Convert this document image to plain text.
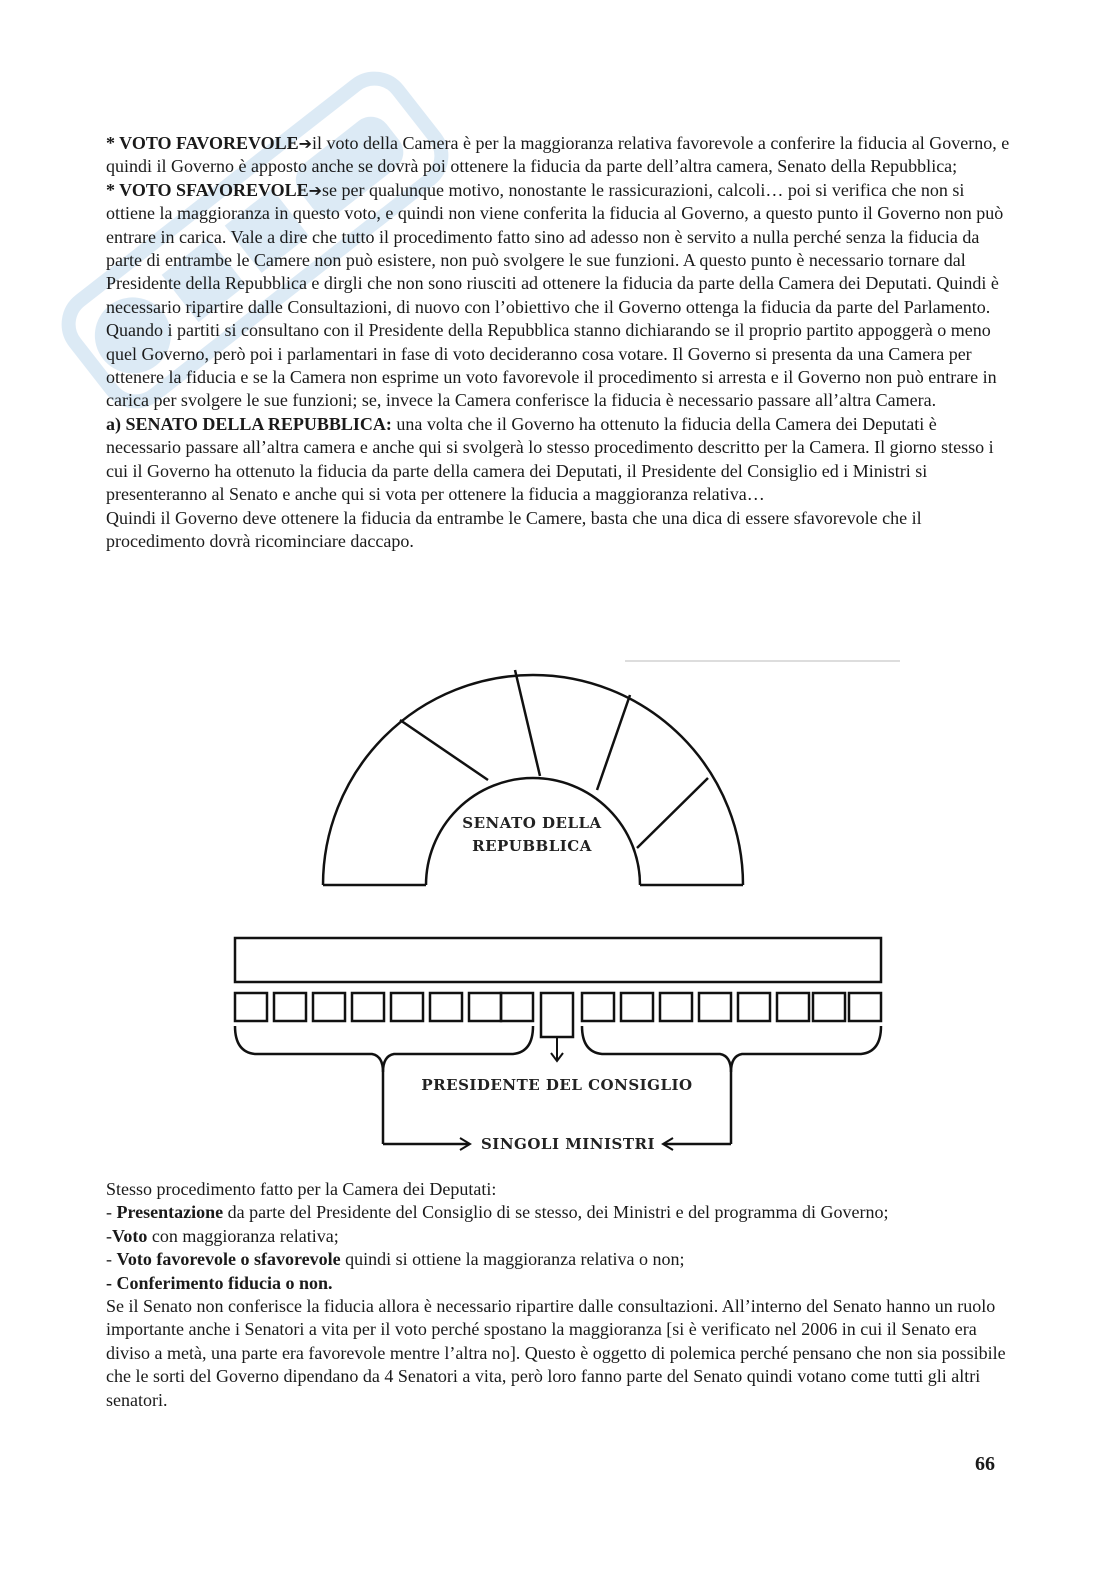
* VOTO FAVOREVOLE➔il voto della Camera è per la maggioranza relativa favorevole a conferire la fiducia al Governo, e quindi il Governo è apposto anche se dovrà poi ottenere la fiducia da parte dell’altra camera, Senato della Repubblica;

* VOTO SFAVOREVOLE➔se per qualunque motivo, nonostante le rassicurazioni, calcoli… poi si verifica che non si ottiene la maggioranza in questo voto, e quindi non viene conferita la fiducia al Governo, a questo punto il Governo non può entrare in carica. Vale a dire che tutto il procedimento fatto sino ad adesso non è servito a nulla perché senza la fiducia da parte di entrambe le Camere non può esistere, non può svolgere le sue funzioni. A questo punto è necessario tornare dal Presidente della Repubblica e dirgli che non sono riusciti ad ottenere la fiducia da parte della Camera dei Deputati. Quindi è necessario ripartire dalle Consultazioni, di nuovo con l’obiettivo che il Governo ottenga la fiducia da parte del Parlamento.

Quando i partiti si consultano con il Presidente della Repubblica stanno dichiarando se il proprio partito appoggerà o meno quel Governo, però poi i parlamentari in fase di voto decideranno cosa votare. Il Governo si presenta da una Camera per ottenere la fiducia e se la Camera non esprime un voto favorevole il procedimento si arresta e il Governo non può entrare in carica per svolgere le sue funzioni; se, invece la Camera conferisce la fiducia è necessario passare all’altra Camera.

a) SENATO DELLA REPUBBLICA: una volta che il Governo ha ottenuto la fiducia della Camera dei Deputati è necessario passare all’altra camera e anche qui si svolgerà lo stesso procedimento descritto per la Camera. Il giorno stesso i cui il Governo ha ottenuto la fiducia da parte della camera dei Deputati, il Presidente del Consiglio ed i Ministri si presenteranno al Senato e anche qui si vota per ottenere la fiducia a maggioranza relativa…

Quindi il Governo deve ottenere la fiducia da entrambe le Camere, basta che una dica di essere sfavorevole che il procedimento dovrà ricominciare daccapo.

SENATO DELLA
REPUBBLICA
PRESIDENTE DEL CONSIGLIO
SINGOLI MINISTRI

Stesso procedimento fatto per la Camera dei Deputati:

- Presentazione da parte del Presidente del Consiglio di se stesso, dei Ministri e del programma di Governo;

-Voto con maggioranza relativa;

- Voto favorevole o sfavorevole quindi si ottiene la maggioranza relativa o non;

- Conferimento fiducia o non.

Se il Senato non conferisce la fiducia allora è necessario ripartire dalle consultazioni. All’interno del Senato hanno un ruolo importante anche i Senatori a vita per il voto perché spostano la maggioranza [si è verificato nel 2006 in cui il Senato era diviso a metà, una parte era favorevole mentre l’altra no]. Questo è oggetto di polemica perché pensano che non sia possibile che le sorti del Governo dipendano da 4 Senatori a vita, però loro fanno parte del Senato quindi votano come tutti gli altri senatori.

66
